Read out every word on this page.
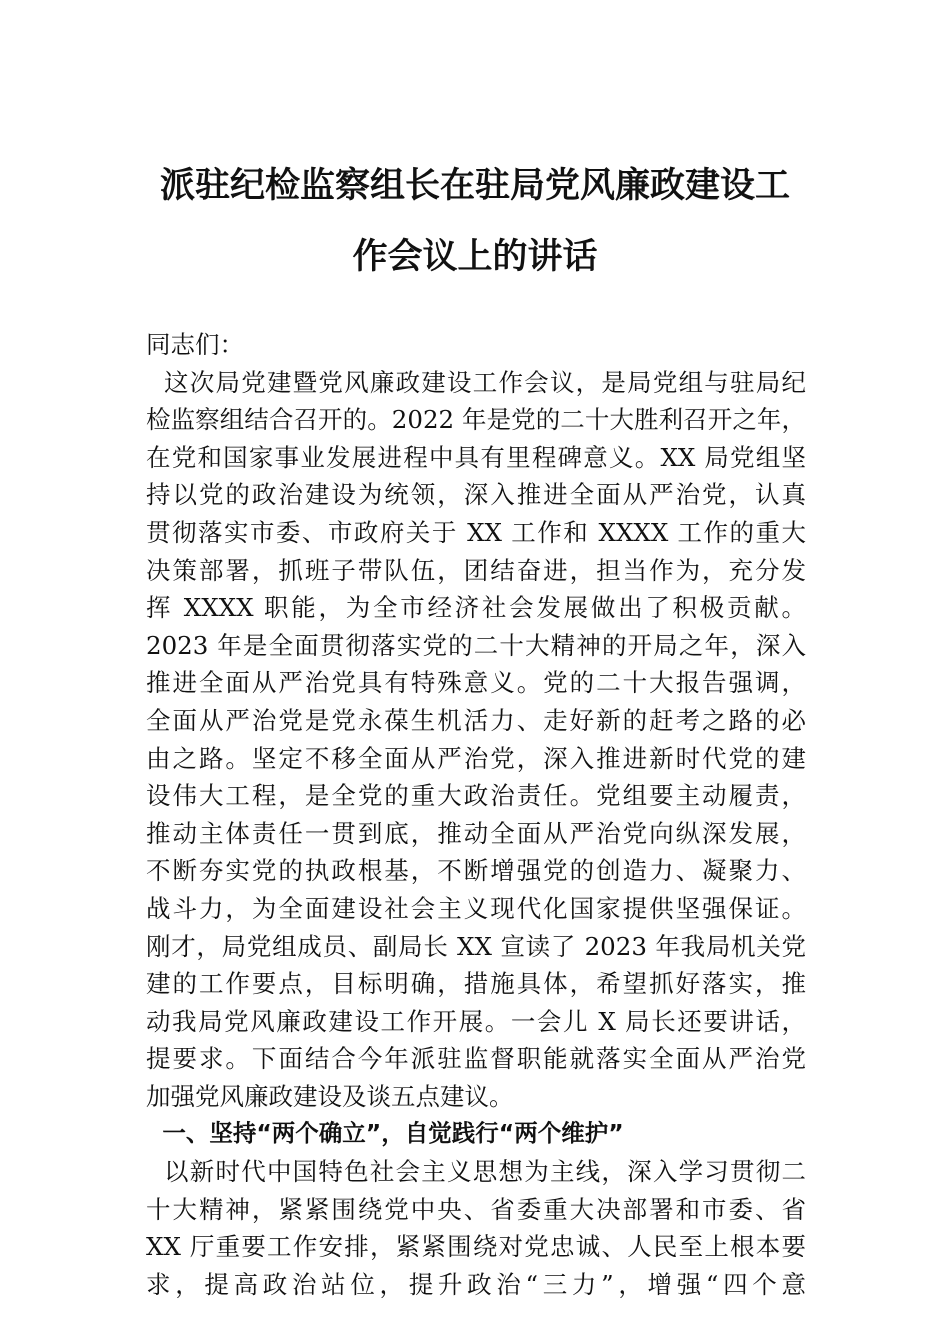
派驻纪检监察组长在驻局党风廉政建设工
作会议上的讲话
同志们：
这次局党建暨党风廉政建设工作会议，是局党组与驻局纪
检监察组结合召开的。2022 年是党的二十大胜利召开之年，
在党和国家事业发展进程中具有里程碑意义。XX 局党组坚
持以党的政治建设为统领，深入推进全面从严治党，认真
贯彻落实市委、市政府关于 XX 工作和 XXXX 工作的重大
决策部署，抓班子带队伍，团结奋进，担当作为，充分发
挥 XXXX 职能，为全市经济社会发展做出了积极贡献。
2023 年是全面贯彻落实党的二十大精神的开局之年，深入
推进全面从严治党具有特殊意义。党的二十大报告强调，
全面从严治党是党永葆生机活力、走好新的赶考之路的必
由之路。坚定不移全面从严治党，深入推进新时代党的建
设伟大工程，是全党的重大政治责任。党组要主动履责，
推动主体责任一贯到底，推动全面从严治党向纵深发展，
不断夯实党的执政根基，不断增强党的创造力、凝聚力、
战斗力，为全面建设社会主义现代化国家提供坚强保证。
刚才，局党组成员、副局长 XX 宣读了 2023 年我局机关党
建的工作要点，目标明确，措施具体，希望抓好落实，推
动我局党风廉政建设工作开展。一会儿 X 局长还要讲话，
提要求。下面结合今年派驻监督职能就落实全面从严治党
加强党风廉政建设及谈五点建议。
一、坚持“两个确立”，自觉践行“两个维护”
以新时代中国特色社会主义思想为主线，深入学习贯彻二
十大精神，紧紧围绕党中央、省委重大决部署和市委、省
XX 厅重要工作安排，紧紧围绕对党忠诚、人民至上根本要
求，提高政治站位，提升政治“三力”，增强“四个意
